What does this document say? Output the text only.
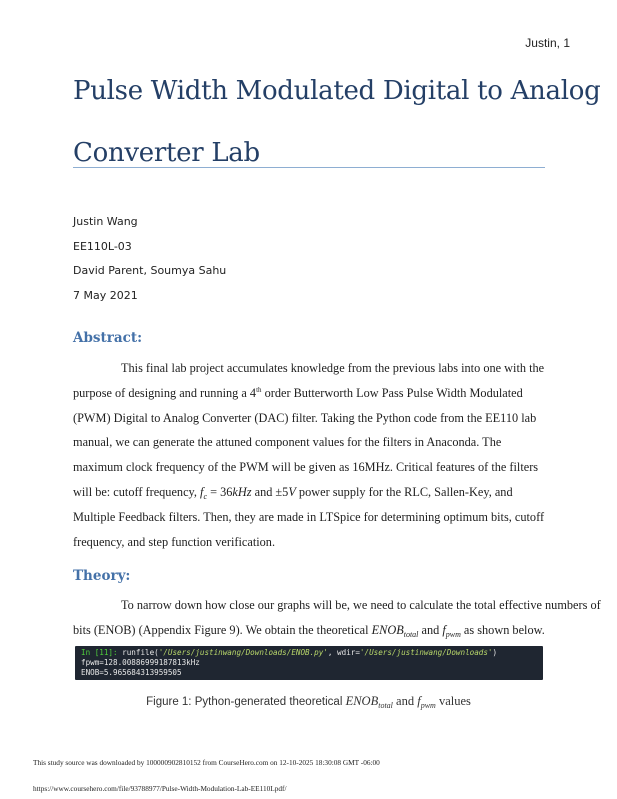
Justin, 1
Pulse Width Modulated Digital to Analog
Converter Lab
Justin Wang
EE110L-03
David Parent, Soumya Sahu
7 May 2021
Abstract:
This final lab project accumulates knowledge from the previous labs into one with the
purpose of designing and running a 4th order Butterworth Low Pass Pulse Width Modulated
(PWM) Digital to Analog Converter (DAC) filter. Taking the Python code from the EE110 lab
manual, we can generate the attuned component values for the filters in Anaconda. The
maximum clock frequency of the PWM will be given as 16MHz. Critical features of the filters
will be: cutoff frequency, $f_c = 36kHz$ and ±5V power supply for the RLC, Sallen-Key, and
Multiple Feedback filters. Then, they are made in LTSpice for determining optimum bits, cutoff
frequency, and step function verification.
Theory:
To narrow down how close our graphs will be, we need to calculate the total effective numbers of
bits (ENOB) (Appendix Figure 9). We obtain the theoretical $ENOB_{total}$ and $f_{pwm}$ as shown below.
In [11]: runfile('/Users/justinwang/Downloads/ENOB.py', wdir='/Users/justinwang/Downloads')
fpwm=128.00886999187813kHz
ENOB=5.965684313959505
Figure 1: Python-generated theoretical $ENOB_{total}$ and $f_{pwm}$ values
This study source was downloaded by 100000902810152 from CourseHero.com on 12-10-2025 18:30:08 GMT -06:00
https://www.coursehero.com/file/93788977/Pulse-Width-Modulation-Lab-EE110Lpdf/
